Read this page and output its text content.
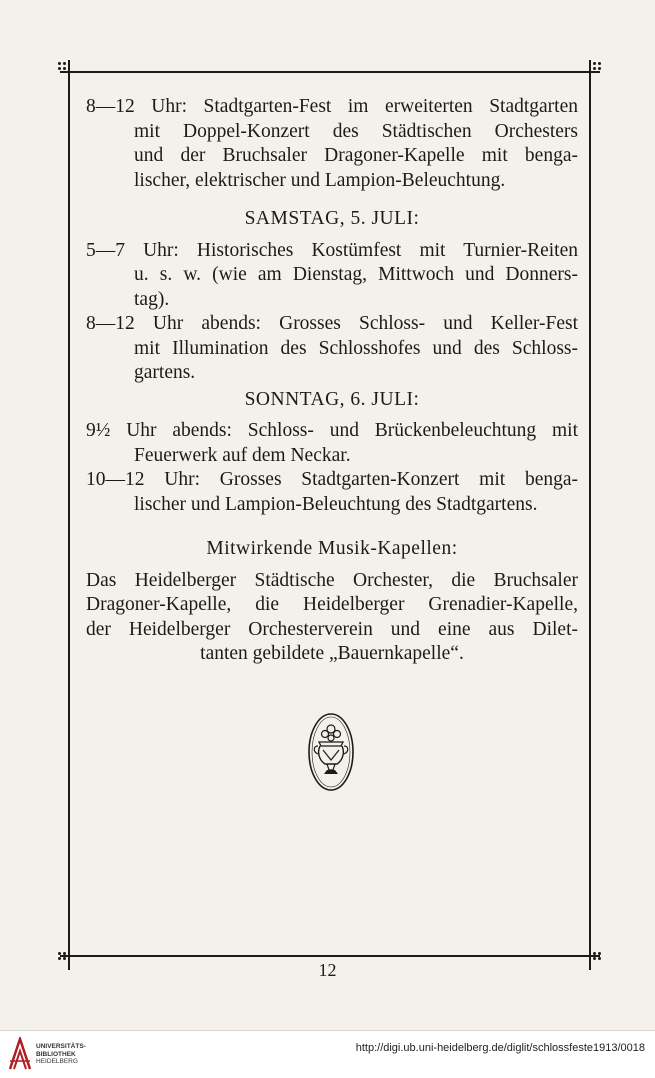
8—12 Uhr: Stadtgarten-Fest im erweiterten Stadtgarten

mit Doppel-Konzert des Städtischen Orchesters

und der Bruchsaler Dragoner-Kapelle mit benga-

lischer, elektrischer und Lampion-Beleuchtung.

SAMSTAG, 5. JULI:

5—7 Uhr: Historisches Kostümfest mit Turnier-Reiten

u. s. w. (wie am Dienstag, Mittwoch und Donners-

tag).

8—12 Uhr abends: Grosses Schloss- und Keller-Fest

mit Illumination des Schlosshofes und des Schloss-

gartens.

SONNTAG, 6. JULI:

9½ Uhr abends: Schloss- und Brückenbeleuchtung mit

Feuerwerk auf dem Neckar.

10—12 Uhr: Grosses Stadtgarten-Konzert mit benga-

lischer und Lampion-Beleuchtung des Stadtgartens.

Mitwirkende Musik-Kapellen:

Das Heidelberger Städtische Orchester, die Bruchsaler

Dragoner-Kapelle, die Heidelberger Grenadier-Kapelle,

der Heidelberger Orchesterverein und eine aus Dilet-

tanten gebildete „Bauernkapelle“.

12
UNIVERSITÄTS-
BIBLIOTHEK
HEIDELBERG
http://digi.ub.uni-heidelberg.de/diglit/schlossfeste1913/0018
